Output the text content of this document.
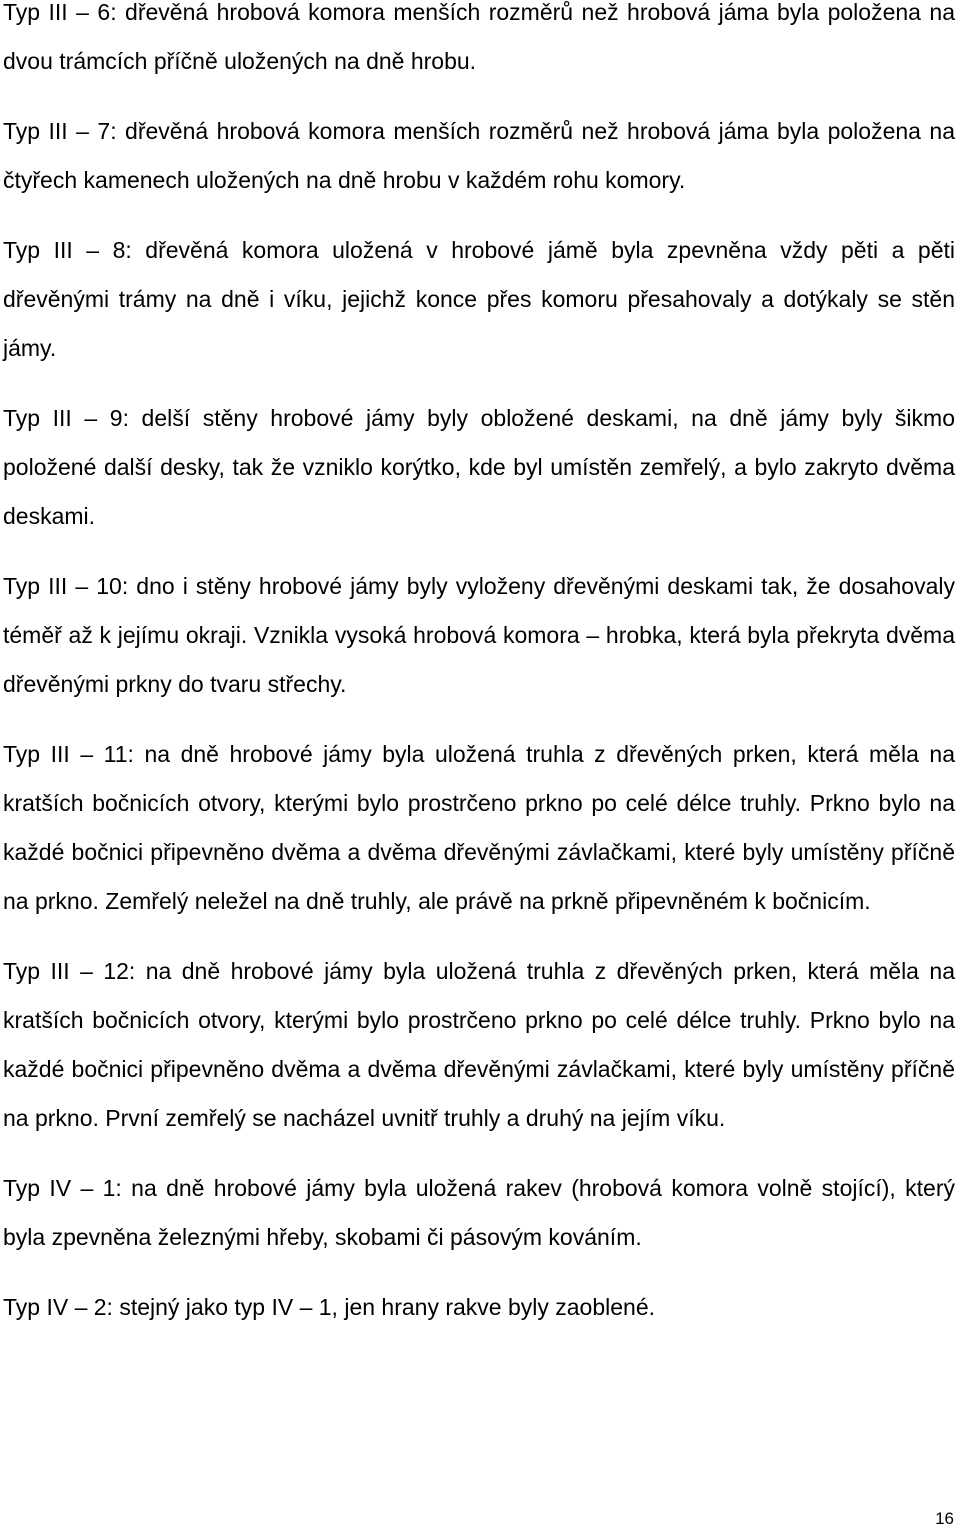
Typ III – 6: dřevěná hrobová komora menších rozměrů než hrobová jáma byla položena na dvou trámcích příčně uložených na dně hrobu.

Typ III – 7: dřevěná hrobová komora menších rozměrů než hrobová jáma byla položena na čtyřech kamenech uložených na dně hrobu v každém rohu komory.

Typ III – 8: dřevěná komora uložená v hrobové jámě byla zpevněna vždy pěti a pěti dřevěnými trámy na dně i víku, jejichž konce přes komoru přesahovaly a dotýkaly se stěn jámy.

Typ III – 9: delší stěny hrobové jámy byly obložené deskami, na dně jámy byly šikmo položené další desky, tak že vzniklo korýtko, kde byl umístěn zemřelý, a bylo zakryto dvěma deskami.

Typ III – 10: dno i stěny hrobové jámy byly vyloženy dřevěnými deskami tak, že dosahovaly téměř až k jejímu okraji. Vznikla vysoká hrobová komora – hrobka, která byla překryta dvěma dřevěnými prkny do tvaru střechy.

Typ III – 11: na dně hrobové jámy byla uložená truhla z dřevěných prken, která měla na kratších bočnicích otvory, kterými bylo prostrčeno prkno po celé délce truhly. Prkno bylo na každé bočnici připevněno dvěma a dvěma dřevěnými závlačkami, které byly umístěny příčně na prkno. Zemřelý neležel na dně truhly, ale právě na prkně připevněném k bočnicím.

Typ III – 12: na dně hrobové jámy byla uložená truhla z dřevěných prken, která měla na kratších bočnicích otvory, kterými bylo prostrčeno prkno po celé délce truhly. Prkno bylo na každé bočnici připevněno dvěma a dvěma dřevěnými závlačkami, které byly umístěny příčně na prkno. První zemřelý se nacházel uvnitř truhly a druhý na jejím víku.

Typ IV – 1: na dně hrobové jámy byla uložená rakev (hrobová komora volně stojící), který byla zpevněna železnými hřeby, skobami či pásovým kováním.

Typ IV – 2: stejný jako typ IV – 1, jen hrany rakve byly zaoblené.

16
